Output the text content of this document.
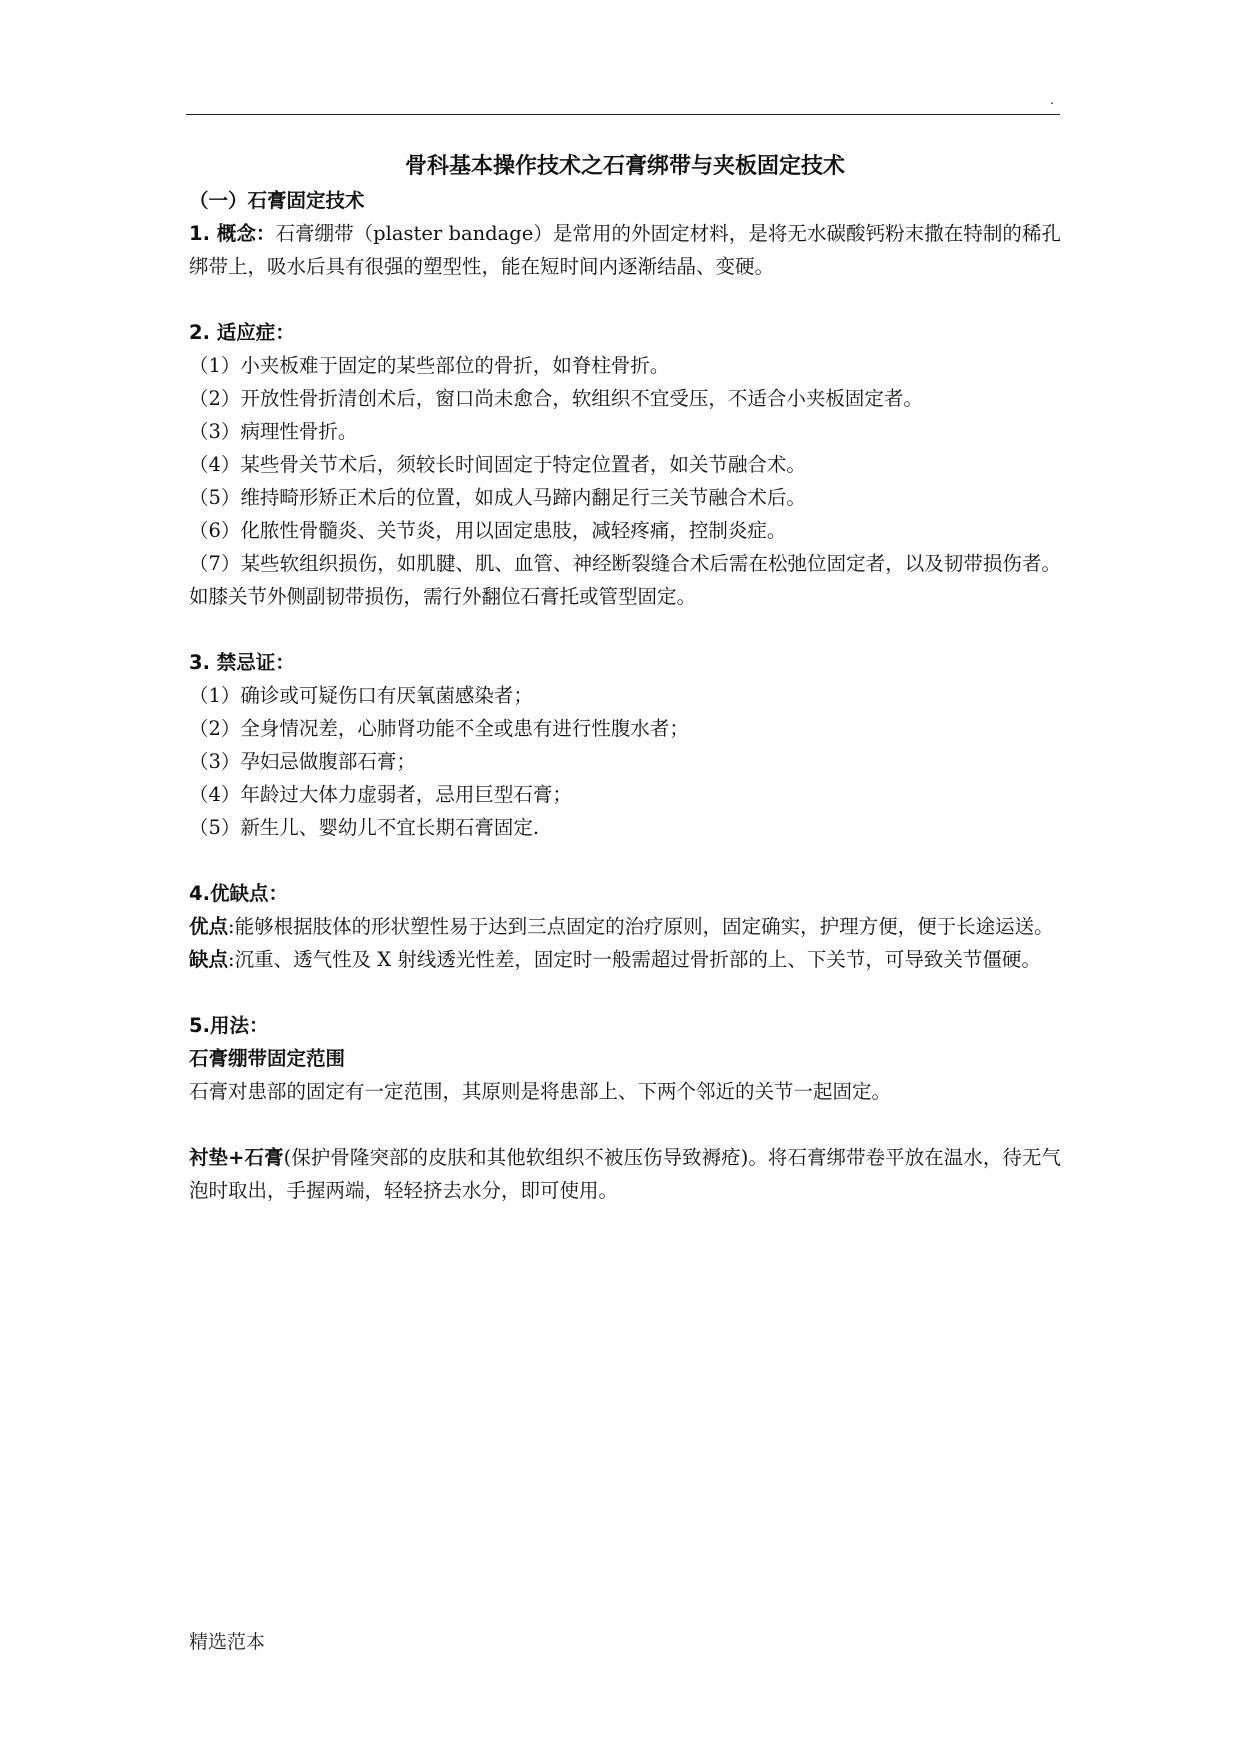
.
骨科基本操作技术之石膏绑带与夹板固定技术
（一）石膏固定技术

1. 概念：石膏绷带（plaster bandage）是常用的外固定材料，是将无水碳酸钙粉末撒在特制的稀孔绑带上，吸水后具有很强的塑型性，能在短时间内逐渐结晶、变硬。

2. 适应症：

（1）小夹板难于固定的某些部位的骨折，如脊柱骨折。

（2）开放性骨折清创术后，窗口尚未愈合，软组织不宜受压，不适合小夹板固定者。

（3）病理性骨折。

（4）某些骨关节术后，须较长时间固定于特定位置者，如关节融合术。

（5）维持畸形矫正术后的位置，如成人马蹄内翻足行三关节融合术后。

（6）化脓性骨髓炎、关节炎，用以固定患肢，减轻疼痛，控制炎症。

（7）某些软组织损伤，如肌腱、肌、血管、神经断裂缝合术后需在松弛位固定者，以及韧带损伤者。如膝关节外侧副韧带损伤，需行外翻位石膏托或管型固定。

3. 禁忌证：

（1）确诊或可疑伤口有厌氧菌感染者；

（2）全身情况差，心肺肾功能不全或患有进行性腹水者；

（3）孕妇忌做腹部石膏；

（4）年龄过大体力虚弱者，忌用巨型石膏；

（5）新生儿、婴幼儿不宜长期石膏固定.

4.优缺点：

优点:能够根据肢体的形状塑性易于达到三点固定的治疗原则，固定确实，护理方便，便于长途运送。

缺点:沉重、透气性及 X 射线透光性差，固定时一般需超过骨折部的上、下关节，可导致关节僵硬。

5.用法：
石膏绷带固定范围

石膏对患部的固定有一定范围，其原则是将患部上、下两个邻近的关节一起固定。

衬垫+石膏(保护骨隆突部的皮肤和其他软组织不被压伤导致褥疮)。将石膏绑带卷平放在温水，待无气泡时取出，手握两端，轻轻挤去水分，即可使用。

精选范本
